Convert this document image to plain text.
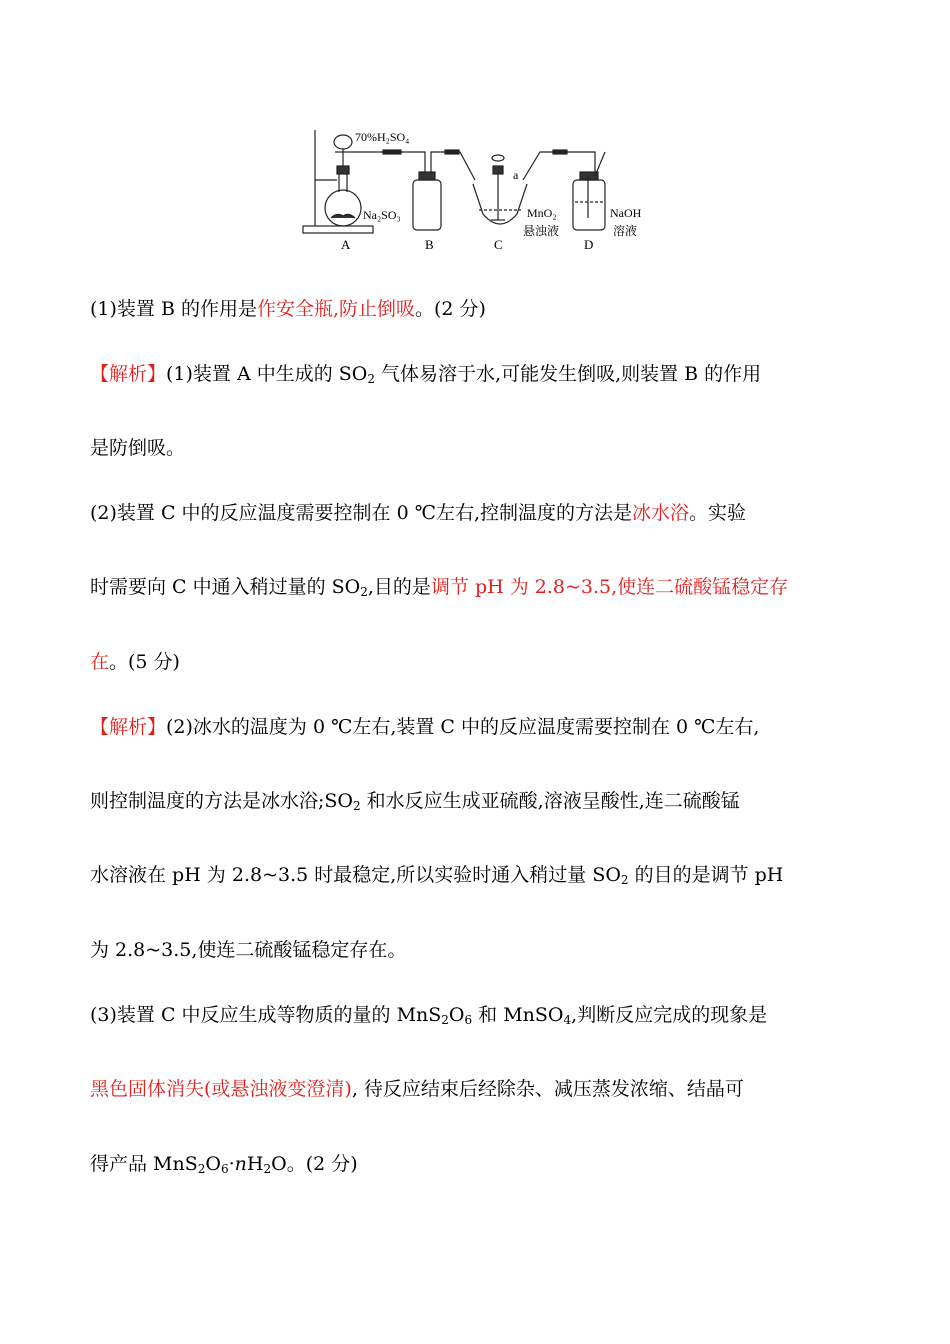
70%H₂SO₄
Na₂SO₃
a
MnO₂
悬浊液
NaOH
溶液
A	B	C	D
(1)装置 B 的作用是作安全瓶,防止倒吸。(2 分)
【解析】(1)装置 A 中生成的 $SO_2$ 气体易溶于水,可能发生倒吸,则装置 B 的作用
是防倒吸。
(2)装置 C 中的反应温度需要控制在 0 ℃左右,控制温度的方法是冰水浴。实验
时需要向 C 中通入稍过量的 $SO_2$,目的是调节 pH 为 2.8~3.5,使连二硫酸锰稳定存
在。(5 分)
【解析】(2)冰水的温度为 0 ℃左右,装置 C 中的反应温度需要控制在 0 ℃左右,
则控制温度的方法是冰水浴$;SO_2$ 和水反应生成亚硫酸,溶液呈酸性,连二硫酸锰
水溶液在 pH 为 2.8~3.5 时最稳定,所以实验时通入稍过量 $SO_2$ 的目的是调节 pH
为 2.8~3.5,使连二硫酸锰稳定存在。
(3)装置 C 中反应生成等物质的量的 $MnS_2O_6$ 和 MnSO$_4$,判断反应完成的现象是
黑色固体消失(或悬浊液变澄清), 待反应结束后经除杂、减压蒸发浓缩、结晶可
得产品 $MnS_2O_6\cdot nH_2O$。(2 分)
